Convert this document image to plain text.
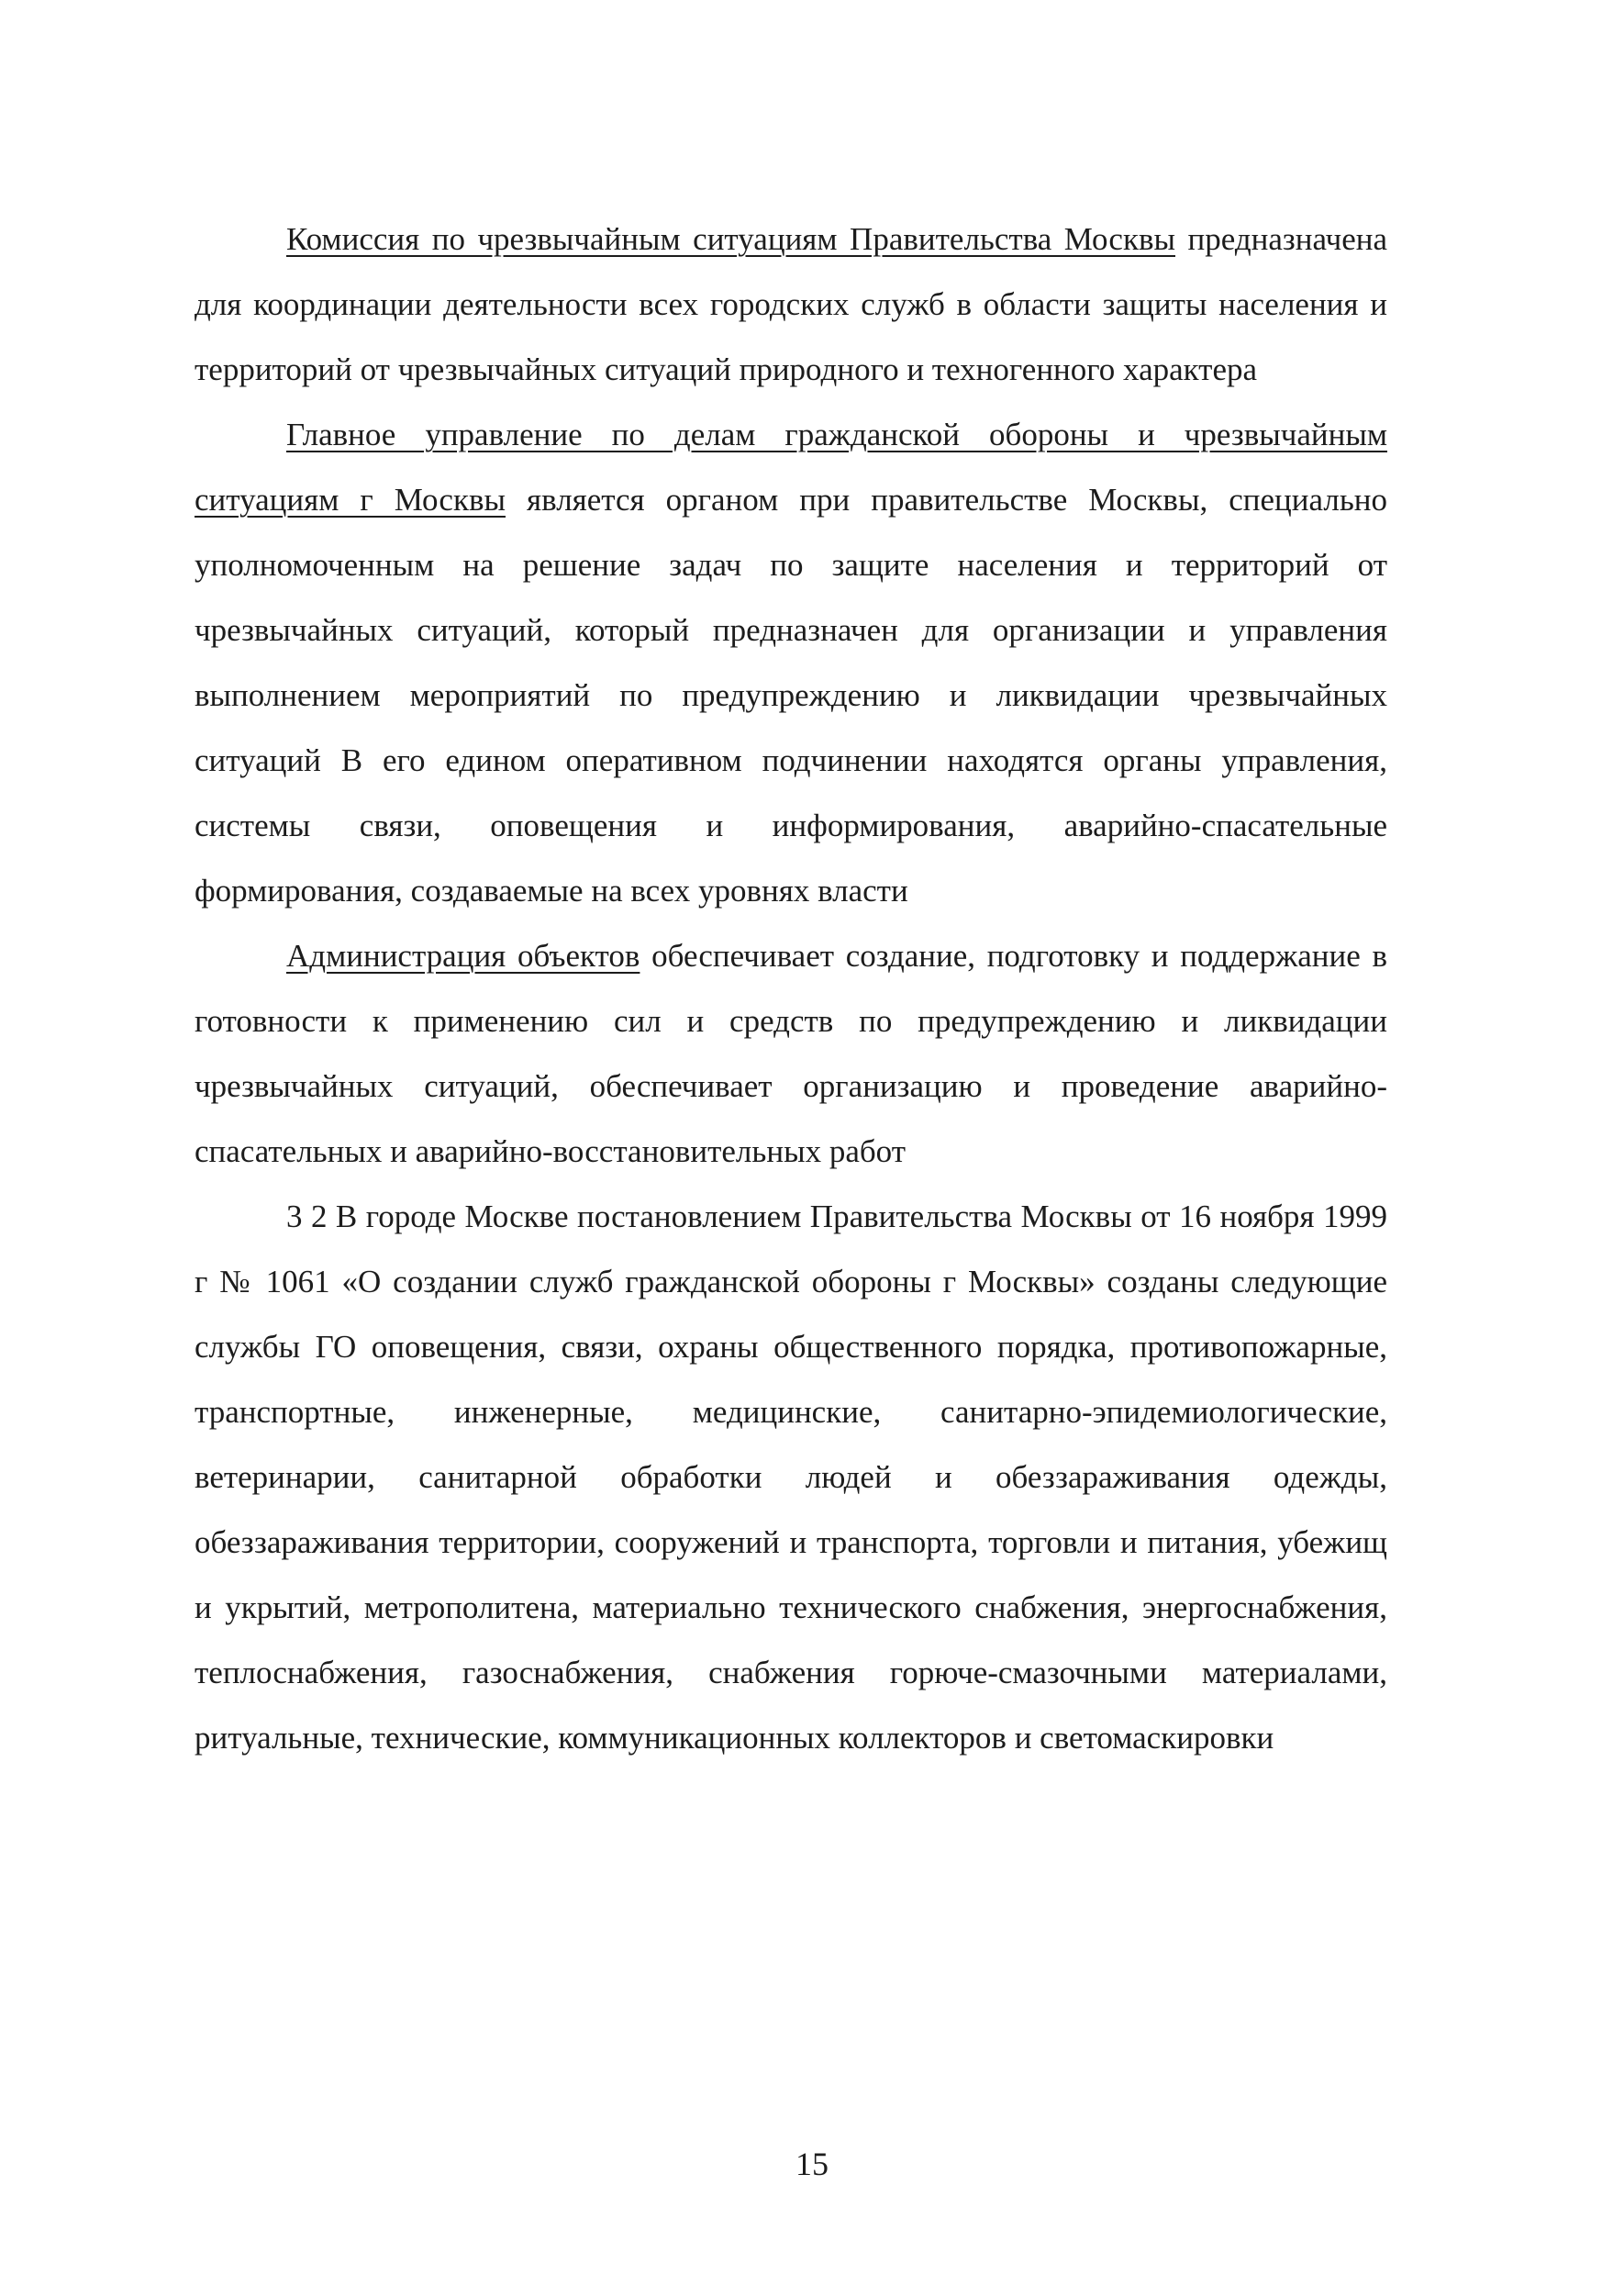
Комиссия по чрезвычайным ситуациям Правительства Москвы предназначена для координации деятельности всех городских служб в области защиты населения и территорий от чрезвычайных ситуаций природного и техногенного характера

Главное управление по делам гражданской обороны и чрезвычайным ситуациям г Москвы является органом при правительстве Москвы, специально уполномоченным на решение задач по защите населения и территорий от чрезвычайных ситуаций, который предназначен для организации и управления выполнением мероприятий по предупреждению и ликвидации чрезвычайных ситуаций В его едином оперативном подчинении находятся органы управления, системы связи, оповещения и информирования, аварийно-спасательные формирования, создаваемые на всех уровнях власти

Администрация объектов обеспечивает создание, подготовку и поддержание в готовности к применению сил и средств по предупреждению и ликвидации чрезвычайных ситуаций, обеспечивает организацию и проведение аварийно-спасательных и аварийно-восстановительных работ

3 2 В городе Москве постановлением Правительства Москвы от 16 ноября 1999 г № 1061 «О создании служб гражданской обороны г Москвы» созданы следующие службы ГО оповещения, связи, охраны общественного порядка, противопожарные, транспортные, инженерные, медицинские, санитарно-эпидемиологические, ветеринарии, санитарной обработки людей и обеззараживания одежды, обеззараживания территории, сооружений и транспорта, торговли и питания, убежищ и укрытий, метрополитена, материально технического снабжения, энергоснабжения, теплоснабжения, газоснабжения, снабжения горюче-смазочными материалами, ритуальные, технические, коммуникационных коллекторов и светомаскировки

15
